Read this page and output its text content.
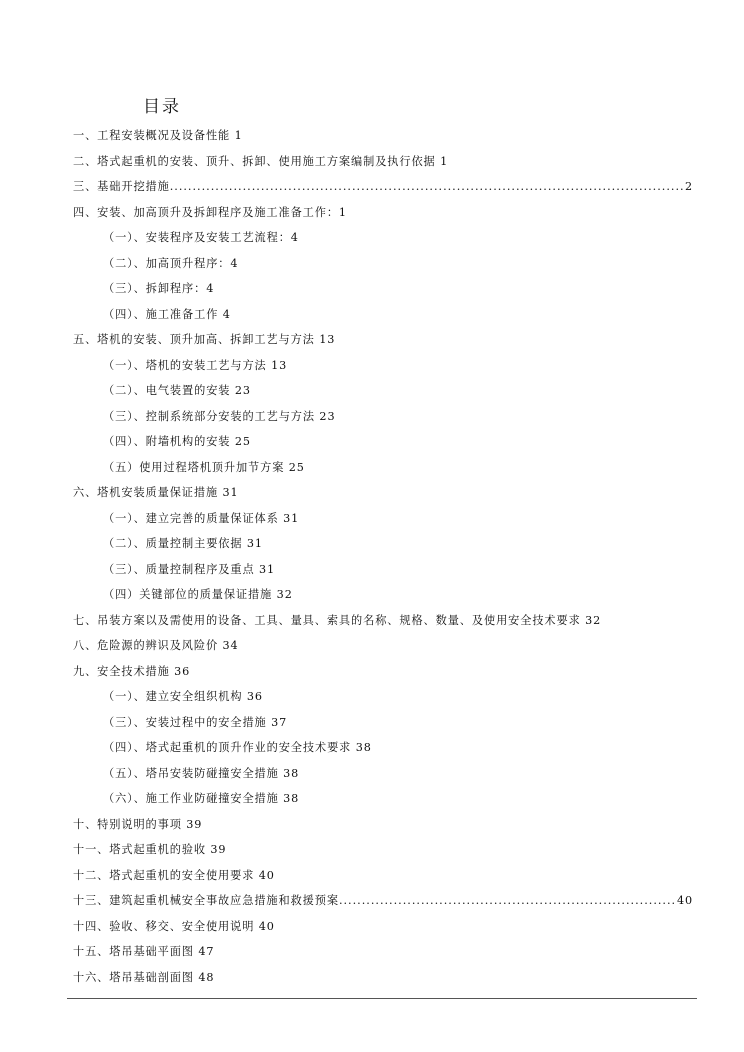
目录
一、工程安装概况及设备性能 1
二、塔式起重机的安装、顶升、拆卸、使用施工方案编制及执行依据 1
三、基础开挖措施 .....	2
四、安装、加高顶升及拆卸程序及施工准备工作：1
（一）、安装程序及安装工艺流程：4
（二）、加高顶升程序：4
（三）、拆卸程序：4
（四）、施工准备工作 4
五、塔机的安装、顶升加高、拆卸工艺与方法 13
（一）、塔机的安装工艺与方法 13
（二）、电气装置的安装 23
（三）、控制系统部分安装的工艺与方法 23
（四）、附墙机构的安装 25
（五）使用过程塔机顶升加节方案 25
六、塔机安装质量保证措施 31
（一）、建立完善的质量保证体系 31
（二）、质量控制主要依据 31
（三）、质量控制程序及重点 31
（四）关键部位的质量保证措施 32
七、吊装方案以及需使用的设备、工具、量具、索具的名称、规格、数量、及使用安全技术要求 32
八、危险源的辨识及风险价 34
九、安全技术措施 36
（一）、建立安全组织机构 36
（三）、安装过程中的安全措施 37
（四）、塔式起重机的顶升作业的安全技术要求 38
（五）、塔吊安装防碰撞安全措施 38
（六）、施工作业防碰撞安全措施 38
十、特别说明的事项 39
十一、塔式起重机的验收 39
十二、塔式起重机的安全使用要求 40
十三、建筑起重机械安全事故应急措施和救援预案 .....	40
十四、验收、移交、安全使用说明 40
十五、塔吊基础平面图 47
十六、塔吊基础剖面图 48
